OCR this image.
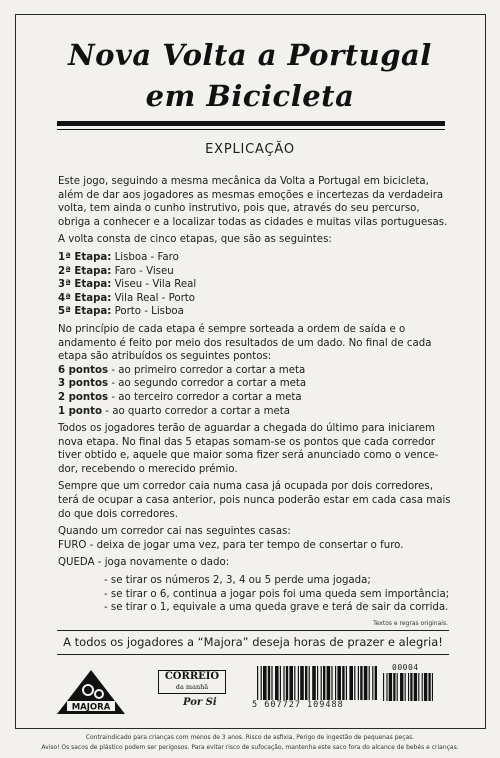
Nova Volta a Portugal
em Bicicleta
EXPLICAÇÃO

Este jogo, seguindo a mesma mecânica da Volta a Portugal em bicicleta,
além de dar aos jogadores as mesmas emoções e incertezas da verdadeira
volta, tem ainda o cunho instrutivo, pois que, através do seu percurso,
obriga a conhecer e a localizar todas as cidades e muitas vilas portuguesas.

A volta consta de cinco etapas, que são as seguintes:

1ª Etapa: Lisboa - Faro
2ª Etapa: Faro - Viseu
3ª Etapa: Viseu - Vila Real
4ª Etapa: Vila Real - Porto
5ª Etapa: Porto - Lisboa

No princípio de cada etapa é sempre sorteada a ordem de saída e o
andamento é feito por meio dos resultados de um dado. No final de cada
etapa são atribuídos os seguintes pontos:
6 pontos - ao primeiro corredor a cortar a meta
3 pontos - ao segundo corredor a cortar a meta
2 pontos - ao terceiro corredor a cortar a meta
1 ponto - ao quarto corredor a cortar a meta

Todos os jogadores terão de aguardar a chegada do último para iniciarem
nova etapa. No final das 5 etapas somam-se os pontos que cada corredor
tiver obtido e, aquele que maior soma fizer será anunciado como o vence-
dor, recebendo o merecido prémio.

Sempre que um corredor caia numa casa já ocupada por dois corredores,
terá de ocupar a casa anterior, pois nunca poderão estar em cada casa mais
do que dois corredores.

Quando um corredor cai nas seguintes casas:
FURO - deixa de jogar uma vez, para ter tempo de consertar o furo.
QUEDA - joga novamente o dado:
- se tirar os números 2, 3, 4 ou 5 perde uma jogada;
- se tirar o 6, continua a jogar pois foi uma queda sem importância;
- se tirar o 1, equivale a uma queda grave e terá de sair da corrida.

Textos e regras originais.
A todos os jogadores a “Majora” deseja horas de prazer e alegria!
MAJORA
CORREIO
da manhã
Por Si	5 607727 109488
00004
Contraindicado para crianças com menos de 3 anos. Risco de asfixia. Perigo de ingestão de pequenas peças.
Aviso! Os sacos de plástico podem ser perigosos. Para evitar risco de sufocação, mantenha este saco fora do alcance de bebés e crianças.
